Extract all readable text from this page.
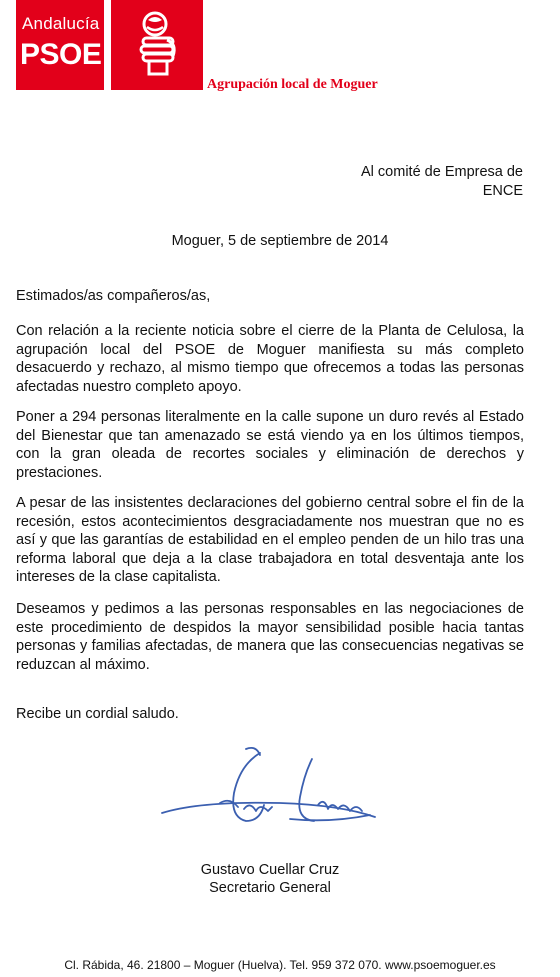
Andalucía
PSOE
Agrupación local de Moguer
Al comité de Empresa de
ENCE
Moguer, 5 de septiembre de 2014
Estimados/as compañeros/as,

Con relación a la reciente noticia sobre el cierre de la Planta de Celulosa, la agrupación local del PSOE de Moguer manifiesta su más completo desacuerdo y rechazo, al mismo tiempo que ofrecemos a todas las personas afectadas nuestro completo apoyo.

Poner a 294 personas literalmente en la calle supone un duro revés al Estado del Bienestar que tan amenazado se está viendo ya en los últimos tiempos, con la gran oleada de recortes sociales y eliminación de derechos y prestaciones.

A pesar de las insistentes declaraciones del gobierno central sobre el fin de la recesión, estos acontecimientos desgraciadamente nos muestran que no es así y que las garantías de estabilidad en el empleo penden de un hilo tras una reforma laboral que deja a la clase trabajadora en total desventaja ante los intereses de la clase capitalista.

Deseamos y pedimos a las personas responsables en las negociaciones de este procedimiento de despidos la mayor sensibilidad posible hacia tantas personas y familias afectadas, de manera que las consecuencias negativas se reduzcan al máximo.

Recibe un cordial saludo.
Gustavo Cuellar Cruz
Secretario General
Cl. Rábida, 46. 21800 – Moguer (Huelva). Tel. 959 372 070. www.psoemoguer.es
